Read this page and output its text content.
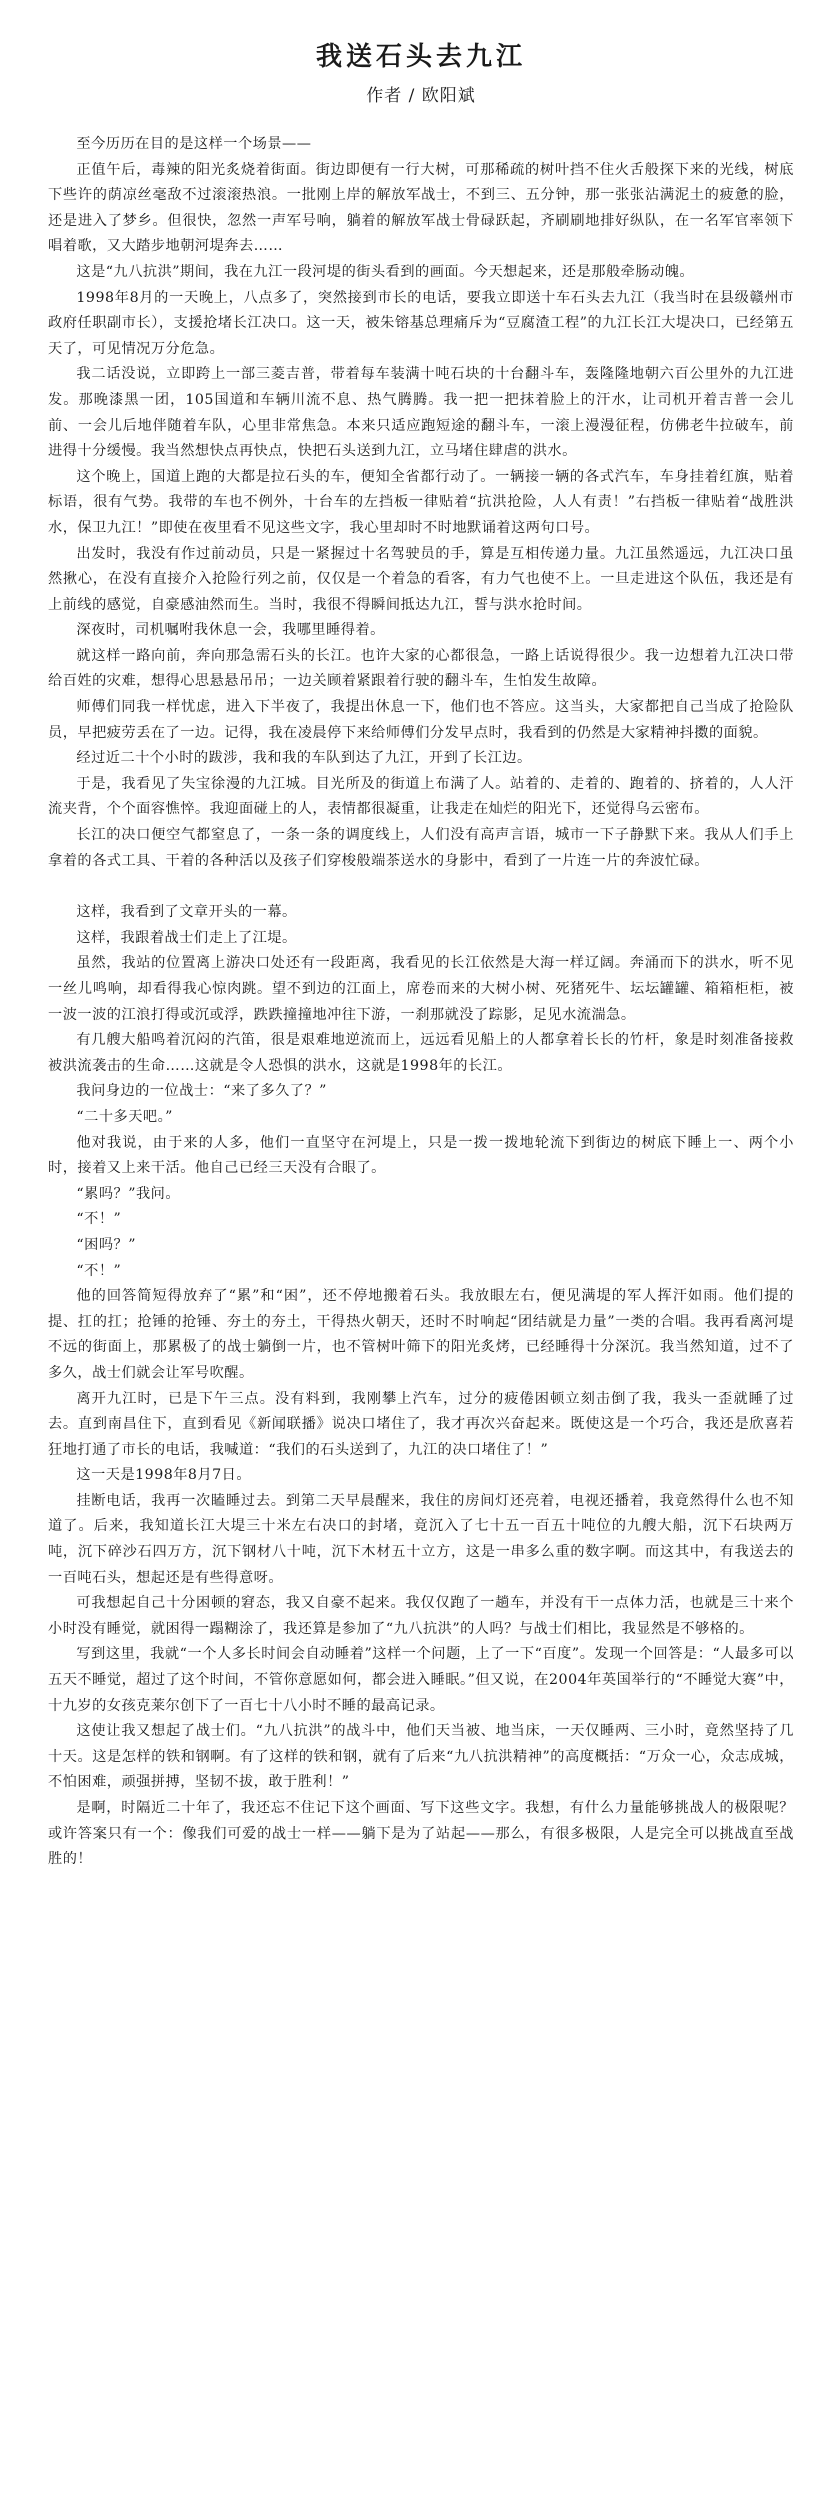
我送石头去九江
作者 / 欧阳斌

至今历历在目的是这样一个场景——

正值午后，毒辣的阳光炙烧着街面。街边即便有一行大树，可那稀疏的树叶挡不住火舌般探下来的光线，树底下些许的荫凉丝毫敌不过滚滚热浪。一批刚上岸的解放军战士，不到三、五分钟，那一张张沾满泥土的疲惫的脸，还是进入了梦乡。但很快，忽然一声军号响，躺着的解放军战士骨碌跃起，齐刷刷地排好纵队，在一名军官率领下唱着歌，又大踏步地朝河堤奔去……

这是“九八抗洪”期间，我在九江一段河堤的街头看到的画面。今天想起来，还是那般牵肠动魄。

1998年8月的一天晚上，八点多了，突然接到市长的电话，要我立即送十车石头去九江（我当时在县级赣州市政府任职副市长），支援抢堵长江决口。这一天，被朱镕基总理痛斥为“豆腐渣工程”的九江长江大堤决口，已经第五天了，可见情况万分危急。

我二话没说，立即跨上一部三菱吉普，带着每车装满十吨石块的十台翻斗车，轰隆隆地朝六百公里外的九江进发。那晚漆黑一团，105国道和车辆川流不息、热气腾腾。我一把一把抹着脸上的汗水，让司机开着吉普一会儿前、一会儿后地伴随着车队，心里非常焦急。本来只适应跑短途的翻斗车，一滚上漫漫征程，仿佛老牛拉破车，前进得十分缓慢。我当然想快点再快点，快把石头送到九江，立马堵住肆虐的洪水。

这个晚上，国道上跑的大都是拉石头的车，便知全省都行动了。一辆接一辆的各式汽车，车身挂着红旗，贴着标语，很有气势。我带的车也不例外，十台车的左挡板一律贴着“抗洪抢险，人人有责！”右挡板一律贴着“战胜洪水，保卫九江！”即使在夜里看不见这些文字，我心里却时不时地默诵着这两句口号。

出发时，我没有作过前动员，只是一紧握过十名驾驶员的手，算是互相传递力量。九江虽然遥远，九江决口虽然揪心，在没有直接介入抢险行列之前，仅仅是一个着急的看客，有力气也使不上。一旦走进这个队伍，我还是有上前线的感觉，自豪感油然而生。当时，我很不得瞬间抵达九江，誓与洪水抢时间。

深夜时，司机嘱咐我休息一会，我哪里睡得着。

就这样一路向前，奔向那急需石头的长江。也许大家的心都很急，一路上话说得很少。我一边想着九江决口带给百姓的灾难，想得心思悬悬吊吊；一边关顾着紧跟着行驶的翻斗车，生怕发生故障。

师傅们同我一样忧虑，进入下半夜了，我提出休息一下，他们也不答应。这当头，大家都把自己当成了抢险队员，早把疲劳丢在了一边。记得，我在凌晨停下来给师傅们分发早点时，我看到的仍然是大家精神抖擞的面貌。

经过近二十个小时的跋涉，我和我的车队到达了九江，开到了长江边。

于是，我看见了失宝徐漫的九江城。目光所及的街道上布满了人。站着的、走着的、跑着的、挤着的，人人汗流夹背，个个面容憔悴。我迎面碰上的人，表情都很凝重，让我走在灿烂的阳光下，还觉得乌云密布。

长江的决口便空气都窒息了，一条一条的调度线上，人们没有高声言语，城市一下子静默下来。我从人们手上拿着的各式工具、干着的各种活以及孩子们穿梭般端茶送水的身影中，看到了一片连一片的奔波忙碌。

这样，我看到了文章开头的一幕。

这样，我跟着战士们走上了江堤。

虽然，我站的位置离上游决口处还有一段距离，我看见的长江依然是大海一样辽阔。奔涌而下的洪水，听不见一丝儿鸣响，却看得我心惊肉跳。望不到边的江面上，席卷而来的大树小树、死猪死牛、坛坛罐罐、箱箱柜柜，被一波一波的江浪打得或沉或浮，跌跌撞撞地冲往下游，一刹那就没了踪影，足见水流湍急。

有几艘大船鸣着沉闷的汽笛，很是艰难地逆流而上，远远看见船上的人都拿着长长的竹杆，象是时刻准备接救被洪流袭击的生命……这就是令人恐惧的洪水，这就是1998年的长江。

我问身边的一位战士：“来了多久了？”

“二十多天吧。”

他对我说，由于来的人多，他们一直坚守在河堤上，只是一拨一拨地轮流下到街边的树底下睡上一、两个小时，接着又上来干活。他自己已经三天没有合眼了。

“累吗？”我问。

“不！”

“困吗？”

“不！”

他的回答简短得放弃了“累”和“困”，还不停地搬着石头。我放眼左右，便见满堤的军人挥汗如雨。他们提的提、扛的扛；抢锤的抢锤、夯土的夯土，干得热火朝天，还时不时响起“团结就是力量”一类的合唱。我再看离河堤不远的街面上，那累极了的战士躺倒一片，也不管树叶筛下的阳光炙烤，已经睡得十分深沉。我当然知道，过不了多久，战士们就会让军号吹醒。

离开九江时，已是下午三点。没有料到，我刚攀上汽车，过分的疲倦困顿立刻击倒了我，我头一歪就睡了过去。直到南昌住下，直到看见《新闻联播》说决口堵住了，我才再次兴奋起来。既使这是一个巧合，我还是欣喜若狂地打通了市长的电话，我喊道：“我们的石头送到了，九江的决口堵住了！”

这一天是1998年8月7日。

挂断电话，我再一次瞌睡过去。到第二天早晨醒来，我住的房间灯还亮着，电视还播着，我竟然得什么也不知道了。后来，我知道长江大堤三十米左右决口的封堵，竟沉入了七十五一百五十吨位的九艘大船，沉下石块两万吨，沉下碎沙石四万方，沉下钢材八十吨，沉下木材五十立方，这是一串多么重的数字啊。而这其中，有我送去的一百吨石头，想起还是有些得意呀。

可我想起自己十分困顿的窘态，我又自豪不起来。我仅仅跑了一趟车，并没有干一点体力活，也就是三十来个小时没有睡觉，就困得一蹋糊涂了，我还算是参加了“九八抗洪”的人吗？与战士们相比，我显然是不够格的。

写到这里，我就“一个人多长时间会自动睡着”这样一个问题，上了一下“百度”。发现一个回答是：“人最多可以五天不睡觉，超过了这个时间，不管你意愿如何，都会进入睡眠。”但又说，在2004年英国举行的“不睡觉大赛”中，十九岁的女孩克莱尔创下了一百七十八小时不睡的最高记录。

这使让我又想起了战士们。“九八抗洪”的战斗中，他们天当被、地当床，一天仅睡两、三小时，竟然坚持了几十天。这是怎样的铁和钢啊。有了这样的铁和钢，就有了后来“九八抗洪精神”的高度概括：“万众一心，众志成城，不怕困难，顽强拼搏，坚韧不拔，敢于胜利！”

是啊，时隔近二十年了，我还忘不住记下这个画面、写下这些文字。我想，有什么力量能够挑战人的极限呢？或许答案只有一个：像我们可爱的战士一样——躺下是为了站起——那么，有很多极限，人是完全可以挑战直至战胜的！
